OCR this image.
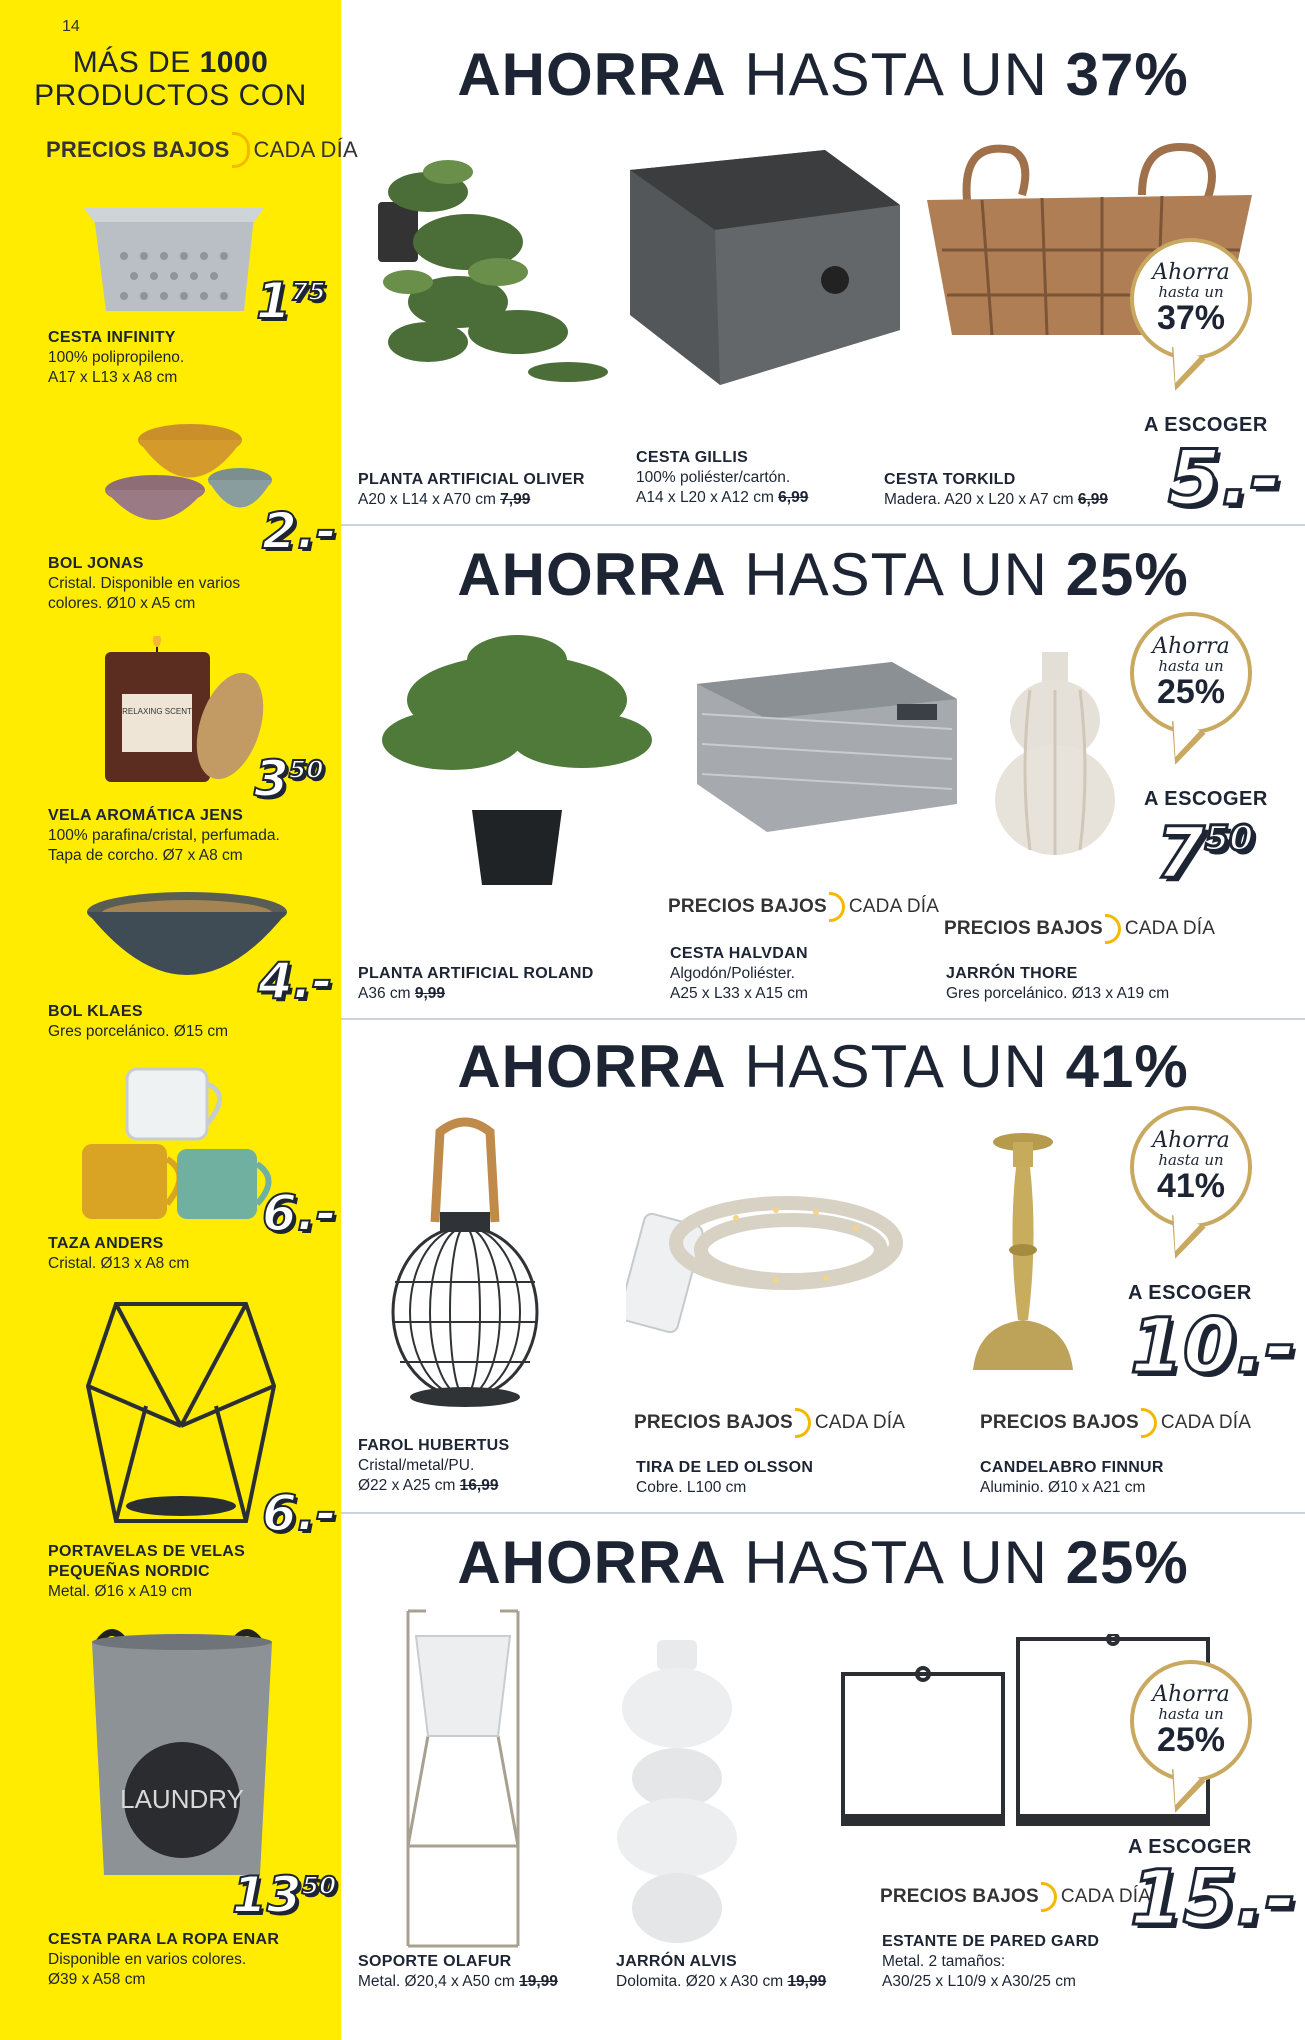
14
MÁS DE 1000
PRODUCTOS CON
PRECIOS BAJOS CADA DÍA
$1^{75}$
CESTA INFINITY
100% polipropileno.
A17 x L13 x A8 cm
2.-
BOL JONAS
Cristal. Disponible en varios
colores. Ø10 x A5 cm
RELAXING SCENT
$3^{50}$
VELA AROMÁTICA JENS
100% parafina/cristal, perfumada.
Tapa de corcho. Ø7 x A8 cm
4.-
BOL KLAES
Gres porcelánico. Ø15 cm
6.-
TAZA ANDERS
Cristal. Ø13 x A8 cm
6.-
PORTAVELAS DE VELAS
PEQUEÑAS NORDIC
Metal. Ø16 x A19 cm
LAUNDRY
$13^{50}$
CESTA PARA LA ROPA ENAR
Disponible en varios colores.
Ø39 x A58 cm
AHORRA HASTA UN 37%
Ahorra
hasta un
37%
A ESCOGER
5.-
PLANTA ARTIFICIAL OLIVER
A20 x L14 x A70 cm 7,99
CESTA GILLIS
100% poliéster/cartón.
A14 x L20 x A12 cm 6,99
CESTA TORKILD
Madera. A20 x L20 x A7 cm 6,99
AHORRA HASTA UN 25%
Ahorra
hasta un
25%
A ESCOGER
$7^{50}$
PRECIOS BAJOS CADA DÍA
PRECIOS BAJOS CADA DÍA
PLANTA ARTIFICIAL ROLAND
A36 cm 9,99
CESTA HALVDAN
Algodón/Poliéster.
A25 x L33 x A15 cm
JARRÓN THORE
Gres porcelánico. Ø13 x A19 cm
AHORRA HASTA UN 41%
Ahorra
hasta un
41%
A ESCOGER
10.-
PRECIOS BAJOS CADA DÍA	PRECIOS BAJOS CADA DÍA
FAROL HUBERTUS
Cristal/metal/PU.
Ø22 x A25 cm 16,99
TIRA DE LED OLSSON
Cobre. L100 cm
CANDELABRO FINNUR
Aluminio. Ø10 x A21 cm
AHORRA HASTA UN 25%
Ahorra
hasta un
25%
A ESCOGER
15.-
PRECIOS BAJOS CADA DÍA
SOPORTE OLAFUR
Metal. Ø20,4 x A50 cm 19,99
JARRÓN ALVIS
Dolomita. Ø20 x A30 cm 19,99
ESTANTE DE PARED GARD
Metal. 2 tamaños:
A30/25 x L10/9 x A30/25 cm
